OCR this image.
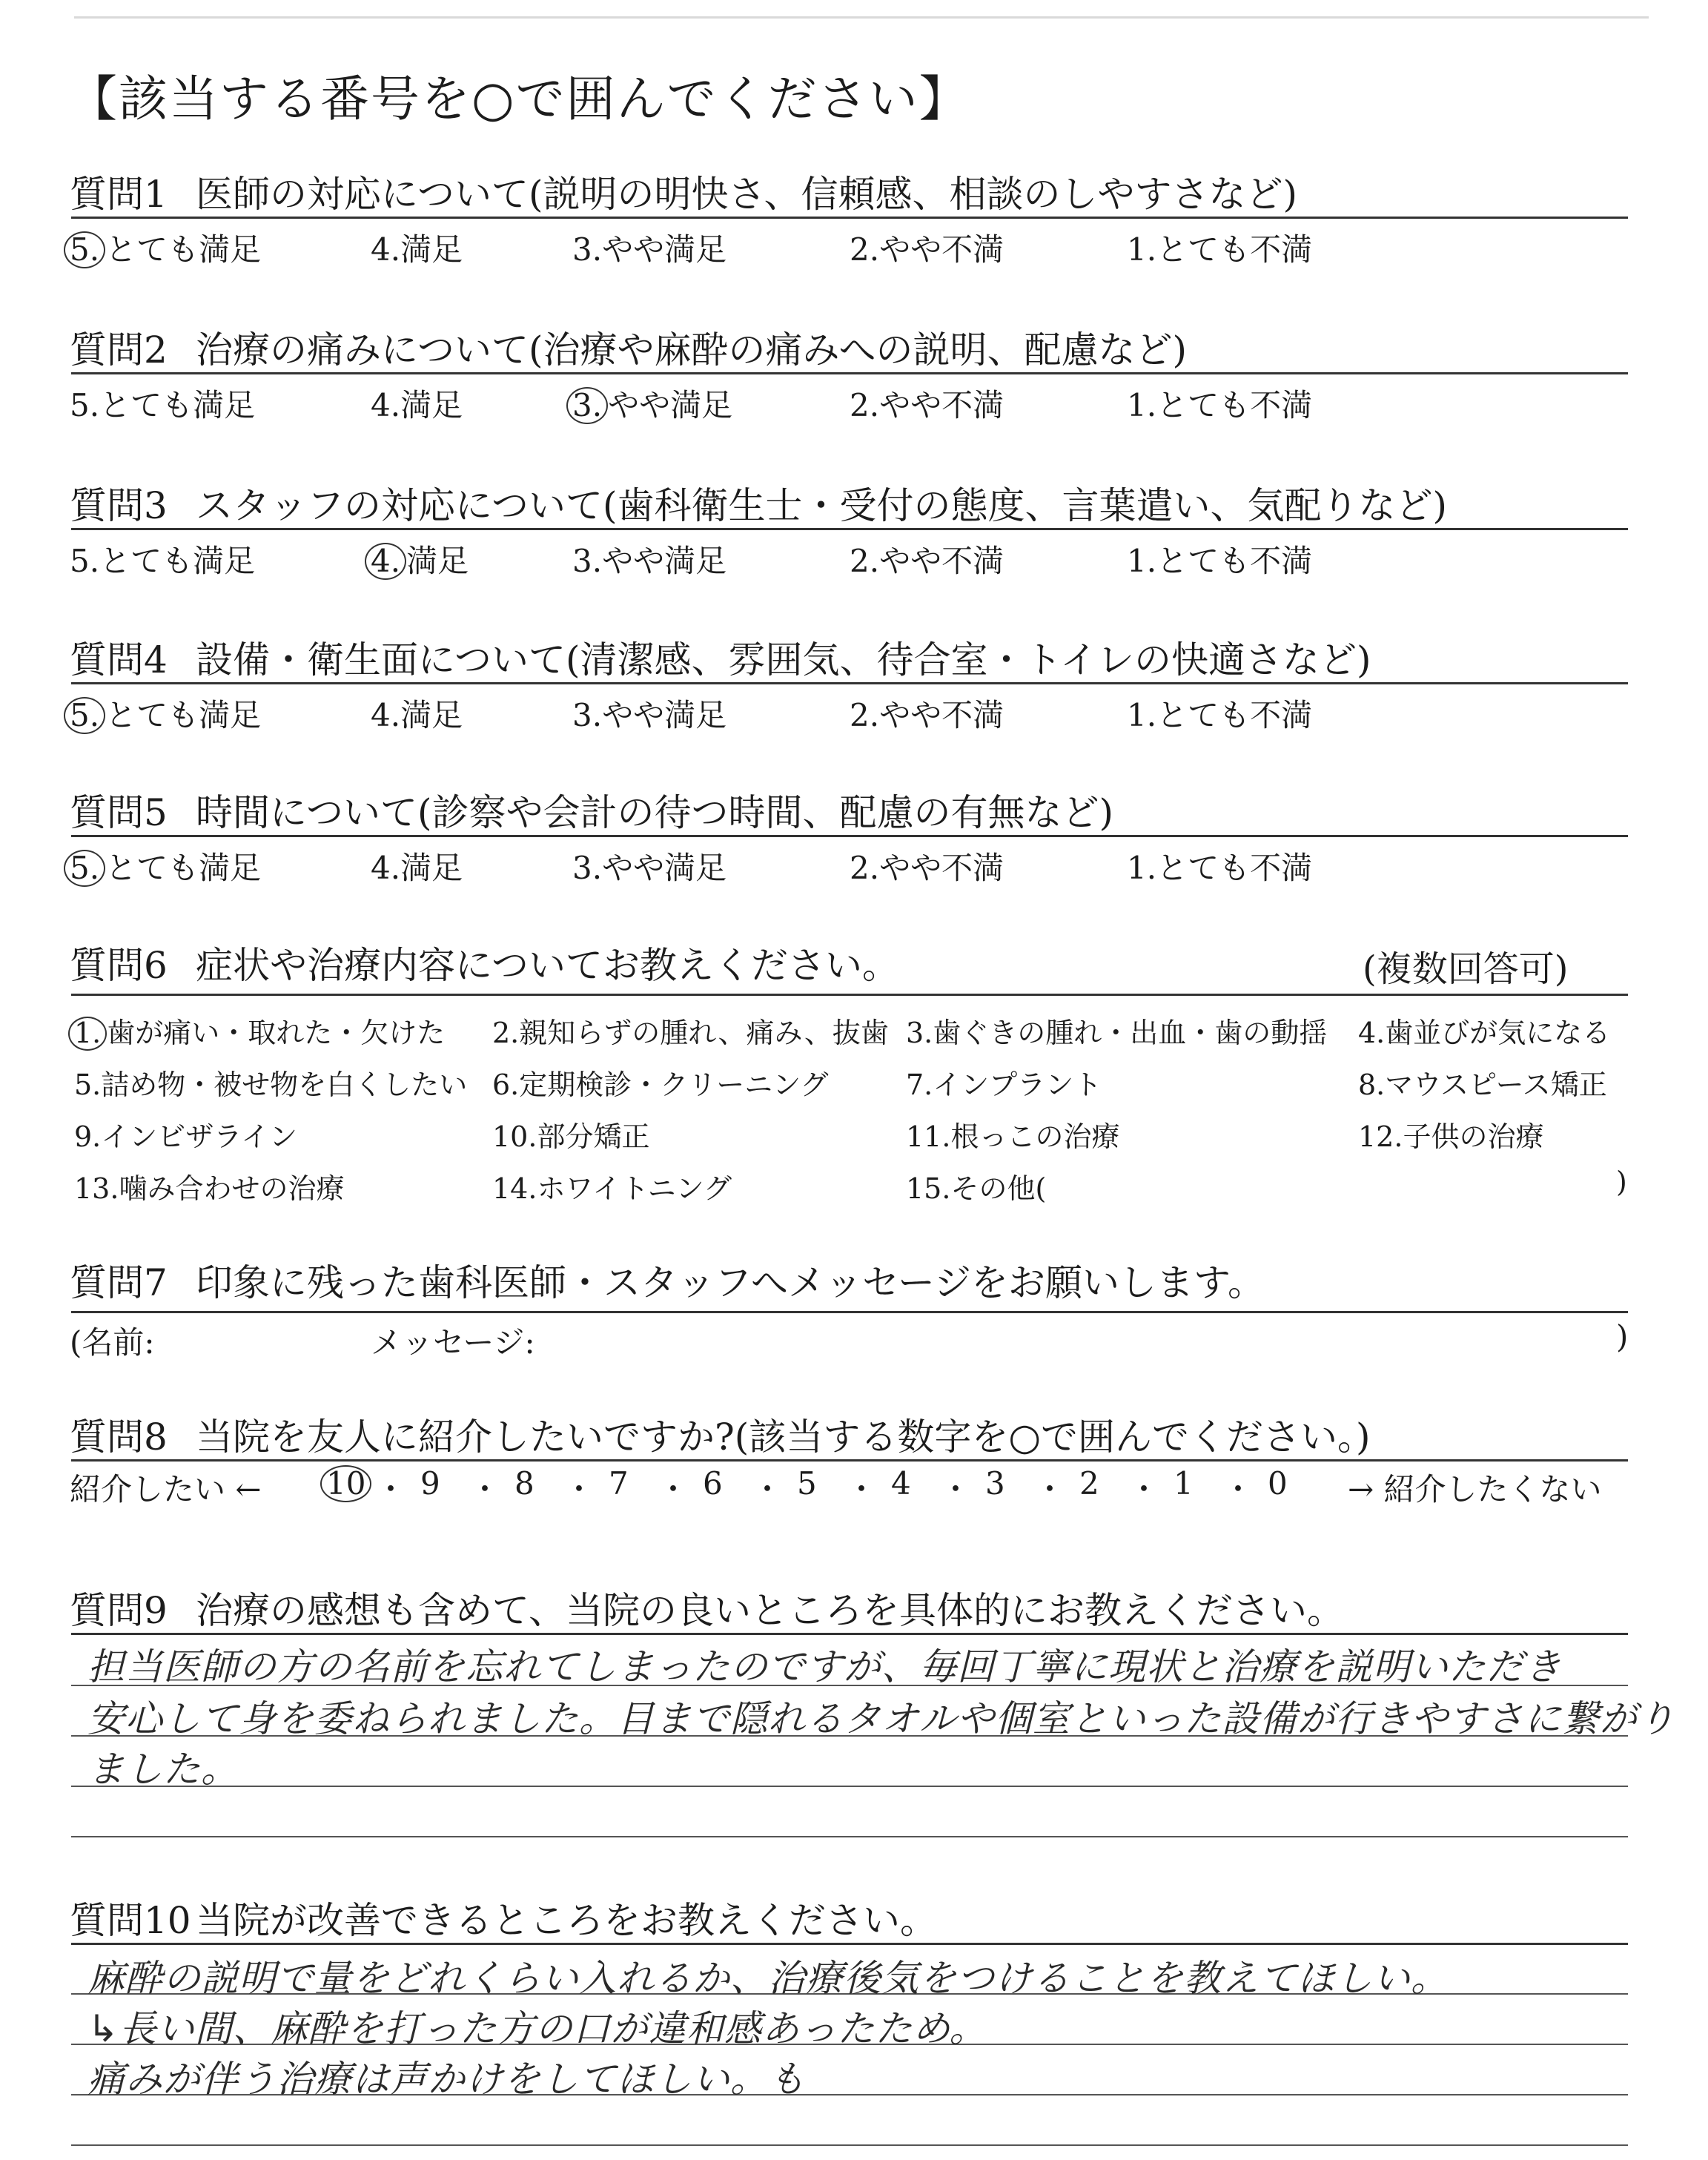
【該当する番号を○で囲んでください】
質問1 医師の対応について(説明の明快さ、信頼感、相談のしやすさなど)
5. とても満足	4.満足	3.やや満足	2.やや不満	1.とても不満
質問2 治療の痛みについて(治療や麻酔の痛みへの説明、配慮など)
5.とても満足	4.満足	3. やや満足	2.やや不満	1.とても不満
質問3 スタッフの対応について(歯科衛生士・受付の態度、言葉遣い、気配りなど)
5.とても満足	4. 満足	3.やや満足	2.やや不満	1.とても不満
質問4 設備・衛生面について(清潔感、雰囲気、待合室・トイレの快適さなど)
5. とても満足	4.満足	3.やや満足	2.やや不満	1.とても不満
質問5 時間について(診察や会計の待つ時間、配慮の有無など)
5. とても満足	4.満足	3.やや満足	2.やや不満	1.とても不満
質問6 症状や治療内容についてお教えください。	(複数回答可)
1. 歯が痛い・取れた・欠けた 2.親知らずの腫れ、痛み、抜歯 3.歯ぐきの腫れ・出血・歯の動揺 4.歯並びが気になる
5.詰め物・被せ物を白くしたい 6.定期検診・クリーニング	7.インプラント	8.マウスピース矯正
9.インビザライン	10.部分矯正	11.根っこの治療	12.子供の治療
13.噛み合わせの治療	14.ホワイトニング	15.その他(	)
質問7 印象に残った歯科医師・スタッフへメッセージをお願いします。
(名前:	メッセージ:	)
質問8 当院を友人に紹介したいですか?(該当する数字を○で囲んでください。)
紹介したい ← 10 ・ 9 ・ 8 ・ 7 ・ 6 ・ 5 ・ 4 ・ 3 ・ 2 ・ 1 ・ 0 → 紹介したくない
質問9 治療の感想も含めて、当院の良いところを具体的にお教えください。
担当医師の方の名前を忘れてしまったのですが、毎回丁寧に現状と治療を説明いただき
安心して身を委ねられました。目まで隠れるタオルや個室といった設備が行きやすさに繋がり
ました。
質問10 当院が改善できるところをお教えください。
麻酔の説明で量をどれくらい入れるか、治療後気をつけることを教えてほしい。
↳長い間、麻酔を打った方の口が違和感あったため。
痛みが伴う治療は声かけをしてほしい。も
